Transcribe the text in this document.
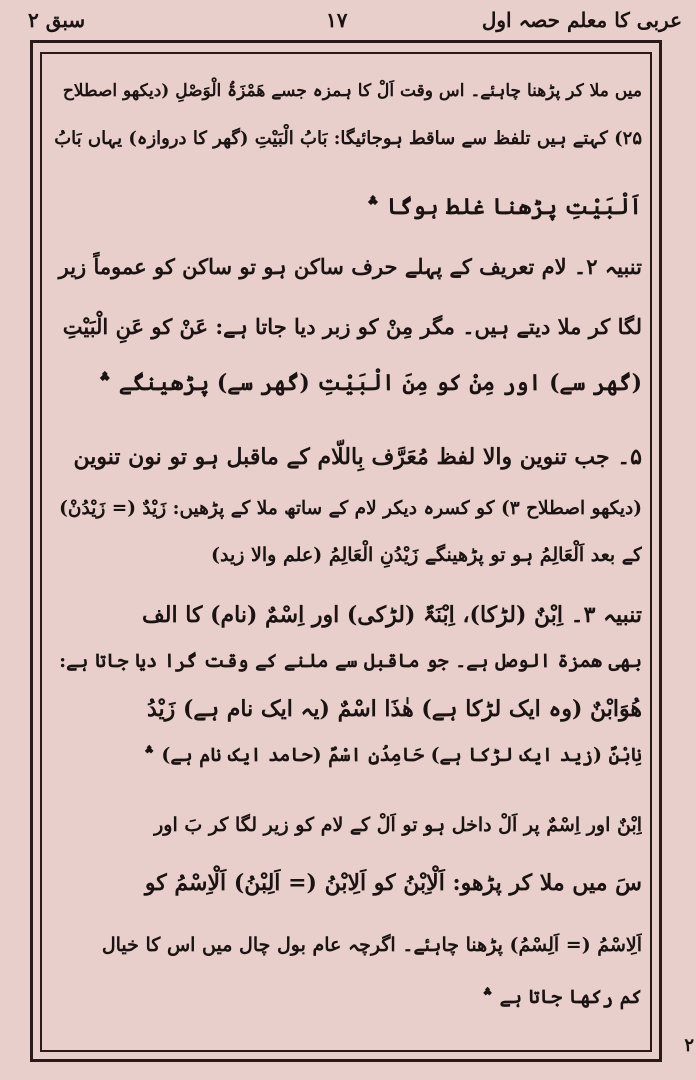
عربی کا معلم حصہ اول
۱۷
سبق ۲
میں ملا کر پڑھنا چاہئے۔ اس وقت اَلْ کا ہمزہ جسے ھَمْزَۃُ الْوَصْلِ (دیکھو اصطلاح
۲۵) کہتے ہیں تلفظ سے ساقط ہوجائیگا: بَابُ الْبَیْتِ (گھر کا دروازہ) یہاں بَابُ
اَلْبَیْتِ پڑھنا غلط ہوگا ؞
تنبیہ ۲۔ لام تعریف کے پہلے حرف ساکن ہو تو ساکن کو عموماً زیر
لگا کر ملا دیتے ہیں۔ مگر مِنْ کو زبر دیا جاتا ہے: عَنْ کو عَنِ الْبَیْتِ
(گھر سے) اور مِنْ کو مِنَ الْبَیْتِ (گھر سے) پڑھینگے ؞
۵۔ جب تنوین والا لفظ مُعَرَّف بِاللّام کے ماقبل ہو تو نون تنوین
(دیکھو اصطلاح ۳) کو کسرہ دیکر لام کے ساتھ ملا کے پڑھیں: زَیْدٌ (= زَیْدُنْ)
کے بعد اَلْعَالِمُ ہو تو پڑھینگے زَیْدُنِ الْعَالِمُ (علم والا زید)
تنبیہ ۳۔ اِبْنٌ (لڑکا)، اِبْنَۃٌ (لڑکی) اور اِسْمٌ (نام) کا الف
بھی ھمزۃ الوصل ہے۔ جو ماقبل سے ملنے کے وقت گرا دیا جاتا ہے:
ھُوَابْنٌ (وہ ایک لڑکا ہے) ھٰذَا اسْمٌ (یہ ایک نام ہے) زَیْدُ
نِابْنٌ (زید ایک لڑکا ہے) حَامِدُنِ اسْمٌ (حامد ایک نام ہے) ؞
اِبْنٌ اور اِسْمٌ پر اَلْ داخل ہو تو اَلْ کے لام کو زیر لگا کر بَ اور
سَ میں ملا کر پڑھو: اَلْاِبْنُ کو اَلِابْنُ (= اَلِبْنُ) اَلْاِسْمُ کو
اَلِاسْمُ (= اَلِسْمُ) پڑھنا چاہئے۔ اگرچہ عام بول چال میں اس کا خیال
کم رکھا جاتا ہے ؞
۲
